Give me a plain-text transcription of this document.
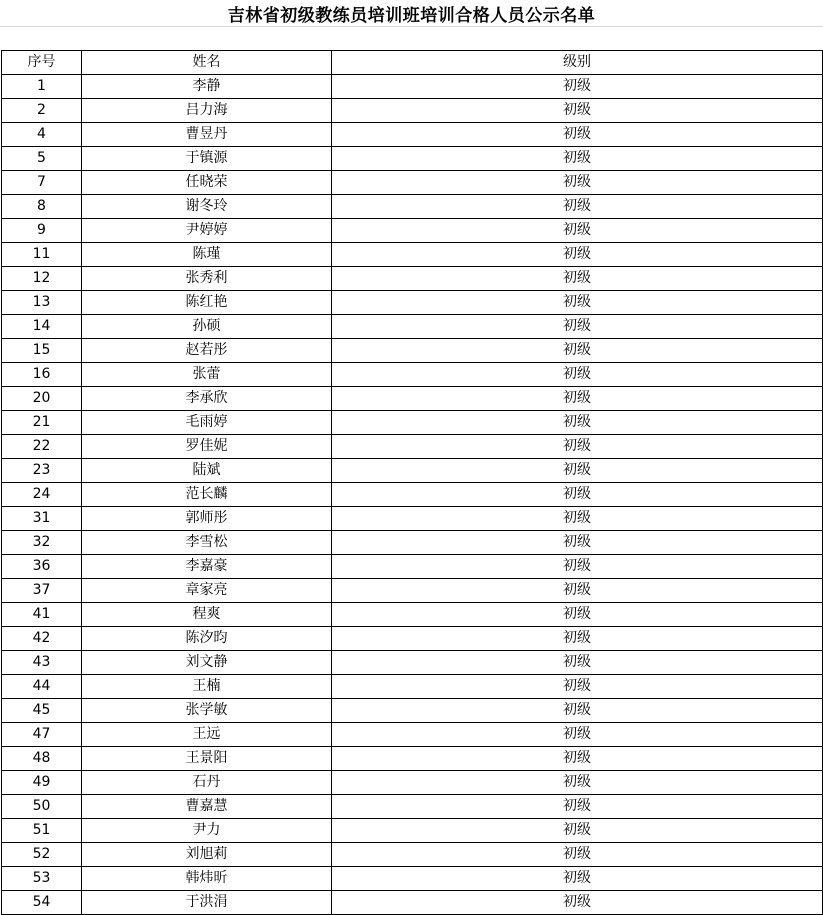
吉林省初级教练员培训班培训合格人员公示名单
序号	姓名	级别
1	李静	初级
2	吕力海	初级
4	曹昱丹	初级
5	于镇源	初级
7	任晓荣	初级
8	谢冬玲	初级
9	尹婷婷	初级
11	陈瑾	初级
12	张秀利	初级
13	陈红艳	初级
14	孙硕	初级
15	赵若彤	初级
16	张蕾	初级
20	李承欣	初级
21	毛雨婷	初级
22	罗佳妮	初级
23	陆斌	初级
24	范长麟	初级
31	郭师彤	初级
32	李雪松	初级
36	李嘉豪	初级
37	章家亮	初级
41	程爽	初级
42	陈汐昀	初级
43	刘文静	初级
44	王楠	初级
45	张学敏	初级
47	王远	初级
48	王景阳	初级
49	石丹	初级
50	曹嘉慧	初级
51	尹力	初级
52	刘旭莉	初级
53	韩炜昕	初级
54	于洪涓	初级
